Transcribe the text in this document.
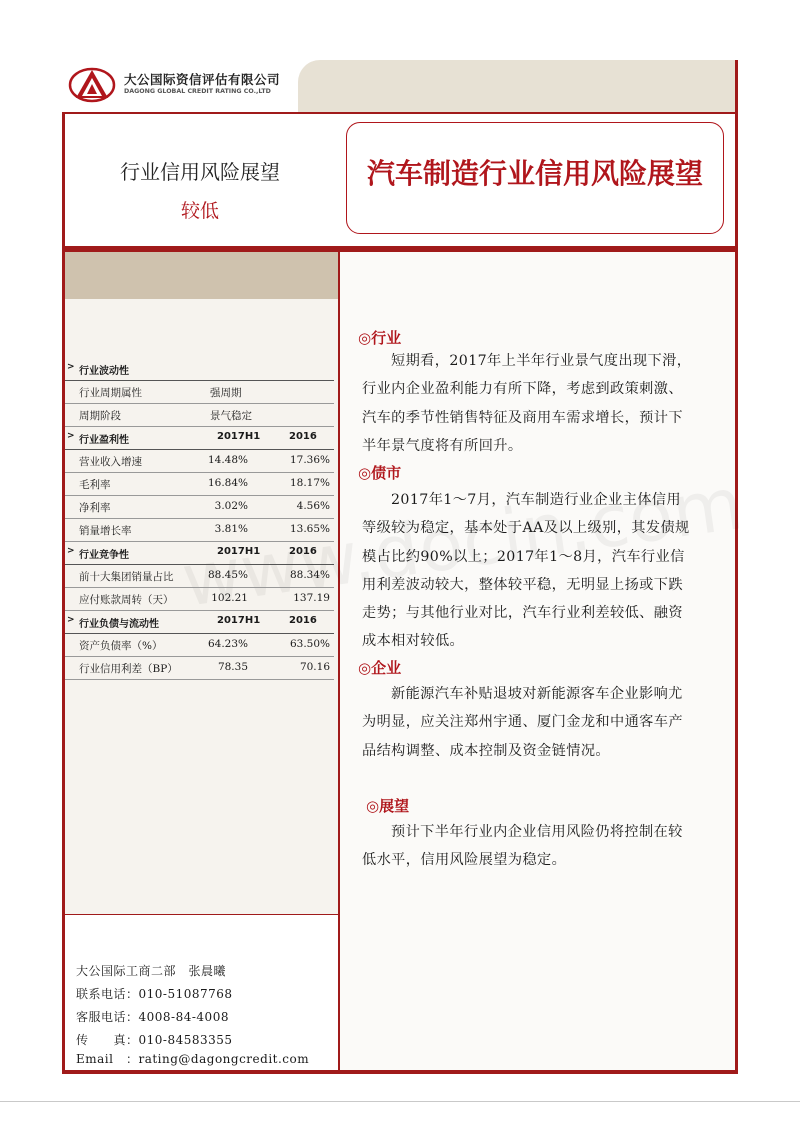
大公国际资信评估有限公司
DAGONG GLOBAL CREDIT RATING CO.,LTD
行业信用风险展望
较低
汽车制造行业信用风险展望
> 行业波动性
行业周期属性	强周期
周期阶段	景气稳定
> 行业盈利性	2017H1	2016
营业收入增速	14.48%	17.36%
毛利率	16.84%	18.17%
净利率	3.02%	4.56%
销量增长率	3.81%	13.65%
> 行业竞争性	2017H1	2016
前十大集团销量占比	88.45%	88.34%
应付账款周转（天）	102.21	137.19
> 行业负债与流动性	2017H1	2016
资产负债率（%）	64.23%	63.50%
行业信用利差（BP）	78.35	70.16
◎行业
短期看，2017年上半年行业景气度出现下滑，行业内企业盈利能力有所下降，考虑到政策刺激、汽车的季节性销售特征及商用车需求增长，预计下半年景气度将有所回升。
◎债市
2017年1～7月，汽车制造行业企业主体信用等级较为稳定，基本处于AA及以上级别，其发债规模占比约90%以上；2017年1～8月，汽车行业信用利差波动较大，整体较平稳，无明显上扬或下跌走势；与其他行业对比，汽车行业利差较低、融资成本相对较低。
◎企业
新能源汽车补贴退坡对新能源客车企业影响尤为明显，应关注郑州宇通、厦门金龙和中通客车产品结构调整、成本控制及资金链情况。
◎展望
预计下半年行业内企业信用风险仍将控制在较低水平，信用风险展望为稳定。
大公国际工商二部　张晨曦
联系电话：010-51087768
客服电话：4008-84-4008
传　　真：010-84583355
Email　：rating@dagongcredit.com
